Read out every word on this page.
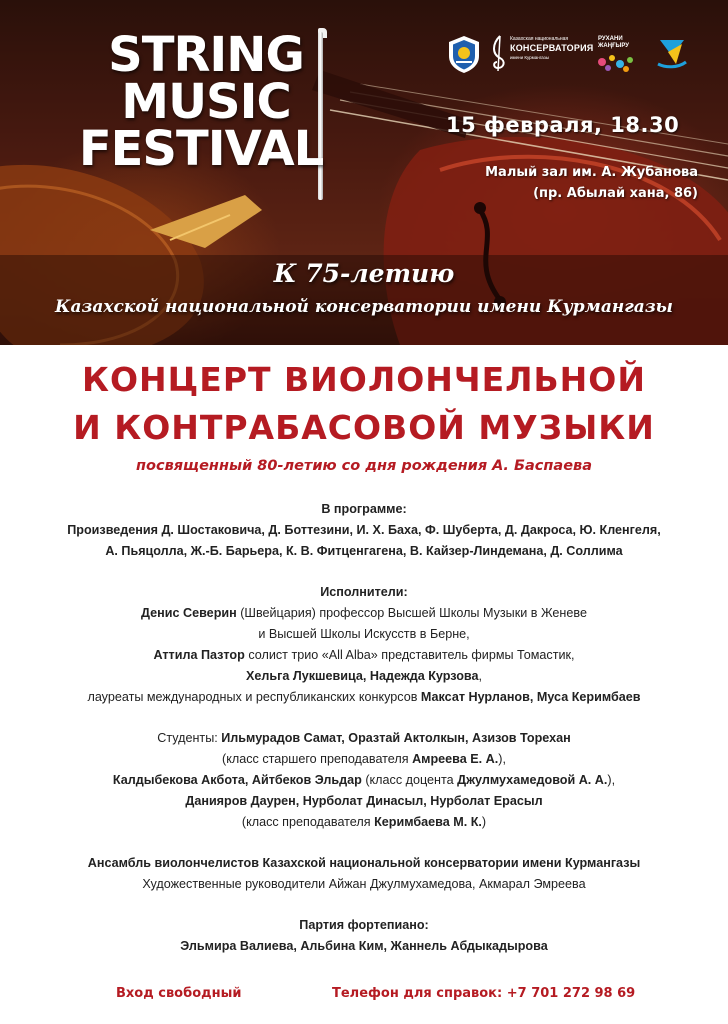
STRING
MUSIC
FESTIVAL
Казахская национальная
КОНСЕРВАТОРИЯ
имени Курмангазы
РУХАНИ
ЖАҢҒЫРУ
15 февраля, 18.30
Малый зал им. А. Жубанова
(пр. Абылай хана, 86)
К 75-летию
Казахской национальной консерватории имени Курмангазы
КОНЦЕРТ ВИОЛОНЧЕЛЬНОЙ
И КОНТРАБАСОВОЙ МУЗЫКИ
посвященный 80-летию со дня рождения А. Баспаева
В программе:
Произведения Д. Шостаковича, Д. Боттезини, И. Х. Баха, Ф. Шуберта, Д. Дакроса, Ю. Кленгеля,
А. Пьяцолла, Ж.-Б. Барьера, К. В. Фитценгагена, В. Кайзер-Линдемана, Д. Соллима
Исполнители:
Денис Северин (Швейцария) профессор Высшей Школы Музыки в Женеве
и Высшей Школы Искусств в Берне,
Аттила Пазтор солист трио «All Alba» представитель фирмы Томастик,
Хельга Лукшевица, Надежда Курзова,
лауреаты международных и республиканских конкурсов Максат Нурланов, Муса Керимбаев
Студенты: Ильмурадов Самат, Оразтай Актолкын, Азизов Торехан
(класс старшего преподавателя Амреева Е. А.),
Калдыбекова Акбота, Айтбеков Эльдар (класс доцента Джулмухамедовой А. А.),
Данияров Даурен, Нурболат Динасыл, Нурболат Ерасыл
(класс преподавателя Керимбаева М. К.)
Ансамбль виолончелистов Казахской национальной консерватории имени Курмангазы
Художественные руководители Айжан Джулмухамедова, Акмарал Эмреева
Партия фортепиано:
Эльмира Валиева, Альбина Ким, Жаннель Абдыкадырова
Вход свободный	Телефон для справок: +7 701 272 98 69
